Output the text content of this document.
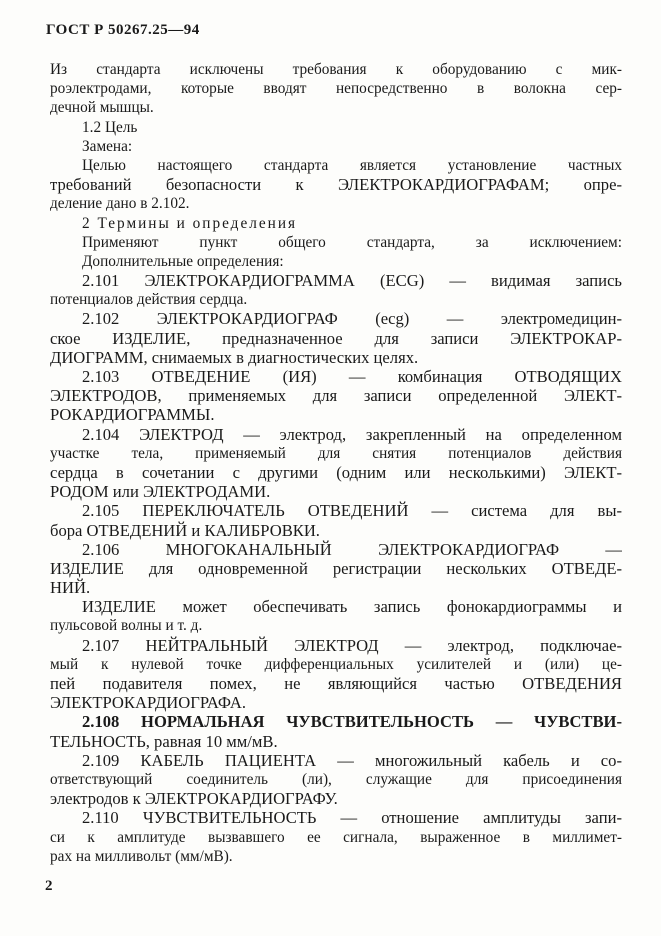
ГОСТ Р 50267.25—94
Из стандарта исключены требования к оборудованию с мик-
роэлектродами, которые вводят непосредственно в волокна сер-
дечной мышцы.
1.2 Цель
Замена:
Целью настоящего стандарта является установление частных
требований безопасности к ЭЛЕКТРОКАРДИОГРАФАМ; опре-
деление дано в 2.102.
2 Термины и определения
Применяют пункт общего стандарта, за исключением:
Дополнительные определения:
2.101 ЭЛЕКТРОКАРДИОГРАММА (ECG) — видимая запись
потенциалов действия сердца.
2.102 ЭЛЕКТРОКАРДИОГРАФ (ecg) — электромедицин-
ское ИЗДЕЛИЕ, предназначенное для записи ЭЛЕКТРОКАР-
ДИОГРАММ, снимаемых в диагностических целях.
2.103 ОТВЕДЕНИЕ (ИЯ) — комбинация ОТВОДЯЩИХ
ЭЛЕКТРОДОВ, применяемых для записи определенной ЭЛЕКТ-
РОКАРДИОГРАММЫ.
2.104 ЭЛЕКТРОД — электрод, закрепленный на определенном
участке тела, применяемый для снятия потенциалов действия
сердца в сочетании с другими (одним или несколькими) ЭЛЕКТ-
РОДОМ или ЭЛЕКТРОДАМИ.
2.105 ПЕРЕКЛЮЧАТЕЛЬ ОТВЕДЕНИЙ — система для вы-
бора ОТВЕДЕНИЙ и КАЛИБРОВКИ.
2.106 МНОГОКАНАЛЬНЫЙ ЭЛЕКТРОКАРДИОГРАФ —
ИЗДЕЛИЕ для одновременной регистрации нескольких ОТВЕДЕ-
НИЙ.
ИЗДЕЛИЕ может обеспечивать запись фонокардиограммы и
пульсовой волны и т. д.
2.107 НЕЙТРАЛЬНЫЙ ЭЛЕКТРОД — электрод, подключае-
мый к нулевой точке дифференциальных усилителей и (или) це-
пей подавителя помех, не являющийся частью ОТВЕДЕНИЯ
ЭЛЕКТРОКАРДИОГРАФА.
2.108 НОРМАЛЬНАЯ ЧУВСТВИТЕЛЬНОСТЬ — ЧУВСТВИ-
ТЕЛЬНОСТЬ, равная 10 мм/мВ.
2.109 КАБЕЛЬ ПАЦИЕНТА — многожильный кабель и со-
ответствующий соединитель (ли), служащие для присоединения
электродов к ЭЛЕКТРОКАРДИОГРАФУ.
2.110 ЧУВСТВИТЕЛЬНОСТЬ — отношение амплитуды запи-
си к амплитуде вызвавшего ее сигнала, выраженное в миллимет-
рах на милливольт (мм/мВ).
2
